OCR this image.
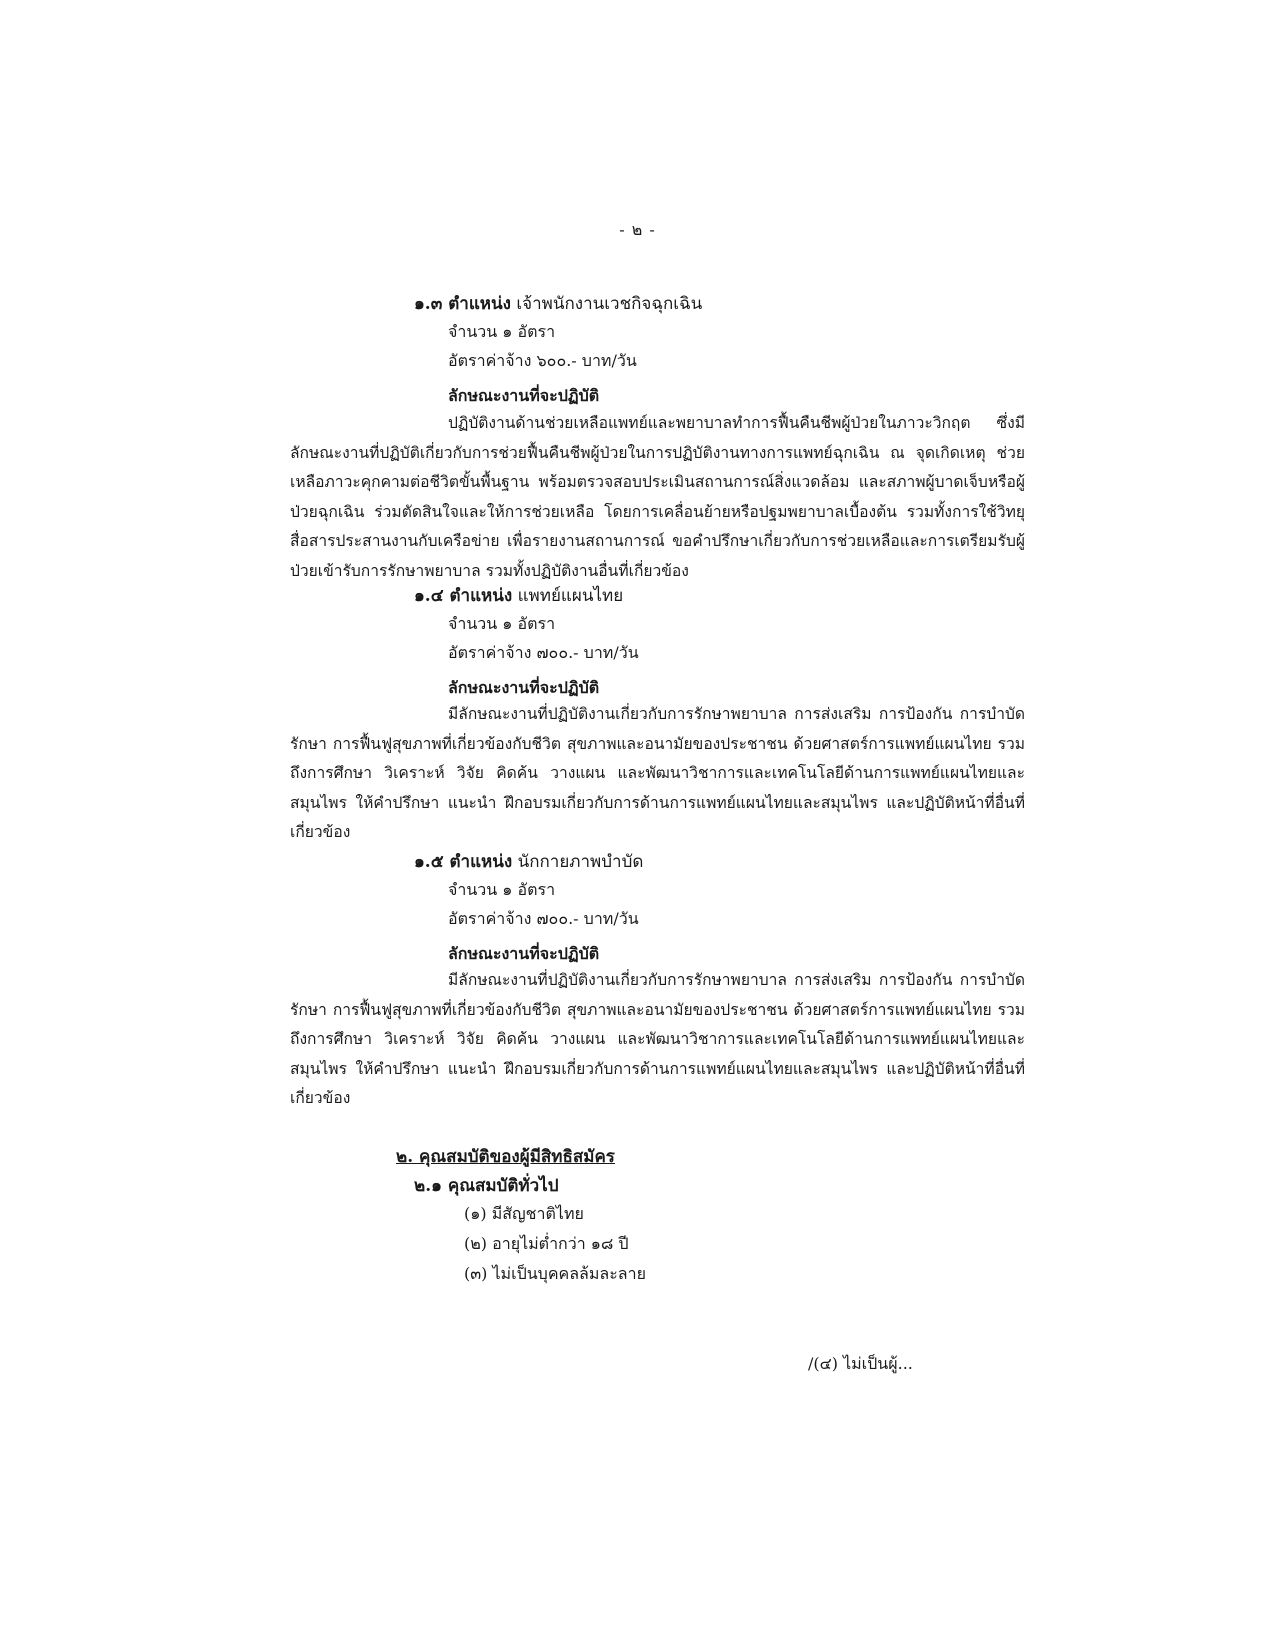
- ๒ -
๑.๓ ตำแหน่ง เจ้าพนักงานเวชกิจฉุกเฉิน
จำนวน ๑ อัตรา
อัตราค่าจ้าง ๖๐๐.- บาท/วัน
ลักษณะงานที่จะปฏิบัติ

ปฏิบัติงานด้านช่วยเหลือแพทย์และพยาบาลทำการฟื้นคืนชีพผู้ป่วยในภาวะวิกฤต ซึ่งมีลักษณะงานที่ปฏิบัติเกี่ยวกับการช่วยฟื้นคืนชีพผู้ป่วยในการปฏิบัติงานทางการแพทย์ฉุกเฉิน ณ จุดเกิดเหตุ ช่วยเหลือภาวะคุกคามต่อชีวิตขั้นพื้นฐาน พร้อมตรวจสอบประเมินสถานการณ์สิ่งแวดล้อม และสภาพผู้บาดเจ็บหรือผู้ป่วยฉุกเฉิน ร่วมตัดสินใจและให้การช่วยเหลือ โดยการเคลื่อนย้ายหรือปฐมพยาบาลเบื้องต้น รวมทั้งการใช้วิทยุสื่อสารประสานงานกับเครือข่าย เพื่อรายงานสถานการณ์ ขอคำปรึกษาเกี่ยวกับการช่วยเหลือและการเตรียมรับผู้ป่วยเข้ารับการรักษาพยาบาล รวมทั้งปฏิบัติงานอื่นที่เกี่ยวข้อง

๑.๔ ตำแหน่ง แพทย์แผนไทย
จำนวน ๑ อัตรา
อัตราค่าจ้าง ๗๐๐.- บาท/วัน
ลักษณะงานที่จะปฏิบัติ

มีลักษณะงานที่ปฏิบัติงานเกี่ยวกับการรักษาพยาบาล การส่งเสริม การป้องกัน การบำบัดรักษา การฟื้นฟูสุขภาพที่เกี่ยวข้องกับชีวิต สุขภาพและอนามัยของประชาชน ด้วยศาสตร์การแพทย์แผนไทย รวมถึงการศึกษา วิเคราะห์ วิจัย คิดค้น วางแผน และพัฒนาวิชาการและเทคโนโลยีด้านการแพทย์แผนไทยและสมุนไพร ให้คำปรึกษา แนะนำ ฝึกอบรมเกี่ยวกับการด้านการแพทย์แผนไทยและสมุนไพร และปฏิบัติหน้าที่อื่นที่เกี่ยวข้อง

๑.๕ ตำแหน่ง นักกายภาพบำบัด
จำนวน ๑ อัตรา
อัตราค่าจ้าง ๗๐๐.- บาท/วัน
ลักษณะงานที่จะปฏิบัติ

มีลักษณะงานที่ปฏิบัติงานเกี่ยวกับการรักษาพยาบาล การส่งเสริม การป้องกัน การบำบัดรักษา การฟื้นฟูสุขภาพที่เกี่ยวข้องกับชีวิต สุขภาพและอนามัยของประชาชน ด้วยศาสตร์การแพทย์แผนไทย รวมถึงการศึกษา วิเคราะห์ วิจัย คิดค้น วางแผน และพัฒนาวิชาการและเทคโนโลยีด้านการแพทย์แผนไทยและสมุนไพร ให้คำปรึกษา แนะนำ ฝึกอบรมเกี่ยวกับการด้านการแพทย์แผนไทยและสมุนไพร และปฏิบัติหน้าที่อื่นที่เกี่ยวข้อง

๒. คุณสมบัติของผู้มีสิทธิสมัคร
๒.๑ คุณสมบัติทั่วไป
(๑) มีสัญชาติไทย
(๒) อายุไม่ต่ำกว่า ๑๘ ปี
(๓) ไม่เป็นบุคคลล้มละลาย
/(๔) ไม่เป็นผู้...
